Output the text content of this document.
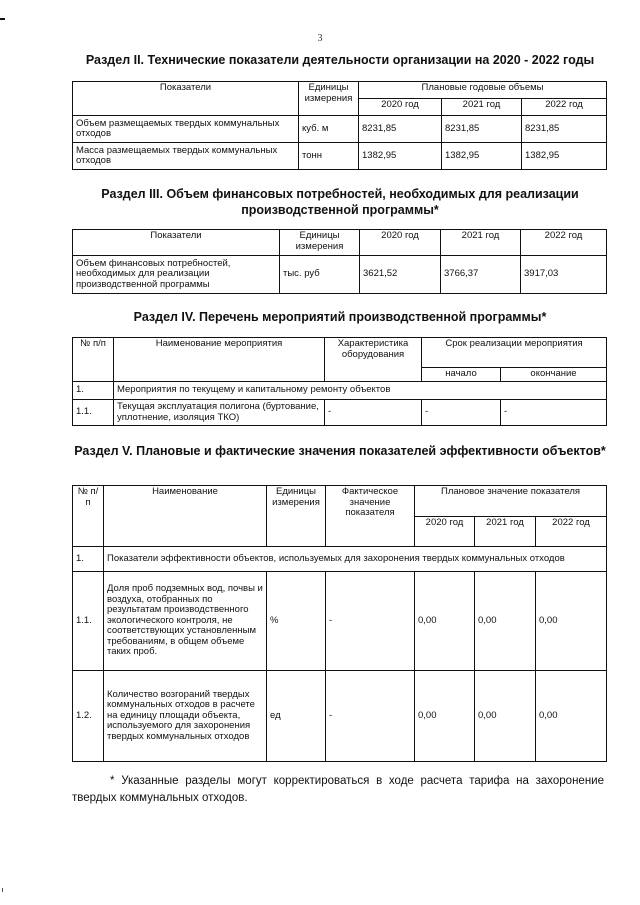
3
Раздел II. Технические показатели деятельности организации на 2020 - 2022 годы
Показатели	Единицы измерения	Плановые годовые объемы		
		2020 год	2021 год	2022 год
Объем размещаемых твердых коммунальных отходов	куб. м	8231,85	8231,85	8231,85
Масса размещаемых твердых коммунальных отходов	тонн	1382,95	1382,95	1382,95
Раздел III. Объем финансовых потребностей, необходимых для реализации производственной программы*
Показатели	Единицы измерения	2020 год	2021 год	2022 год
Объем финансовых потребностей, необходимых для реализации производственной программы	тыс. руб	3621,52	3766,37	3917,03
Раздел IV. Перечень мероприятий производственной программы*
№ п/п	Наименование мероприятия	Характеристика оборудования	Срок реализации мероприятия	
			начало	окончание
1.	Мероприятия по текущему и капитальному ремонту объектов			
1.1.	Текущая эксплуатация полигона (буртование, уплотнение, изоляция ТКО)	-	-	-
Раздел V. Плановые и фактические значения показателей эффективности объектов*
№ п/п	Наименование	Единицы измерения	Фактическое значение показателя	Плановое значение показателя		
				2020 год	2021 год	2022 год
1.	Показатели эффективности объектов, используемых для захоронения твердых коммунальных отходов					
1.1.	Доля проб подземных вод, почвы и воздуха, отобранных по результатам производственного экологического контроля, не соответствующих установленным требованиям, в общем объеме таких проб.	%	-	0,00	0,00	0,00
1.2.	Количество возгораний твердых коммунальных отходов в расчете на единицу площади объекта, используемого для захоронения твердых коммунальных отходов	ед	-	0,00	0,00	0,00

* Указанные разделы могут корректироваться в ходе расчета тарифа на захоронение твердых коммунальных отходов.
